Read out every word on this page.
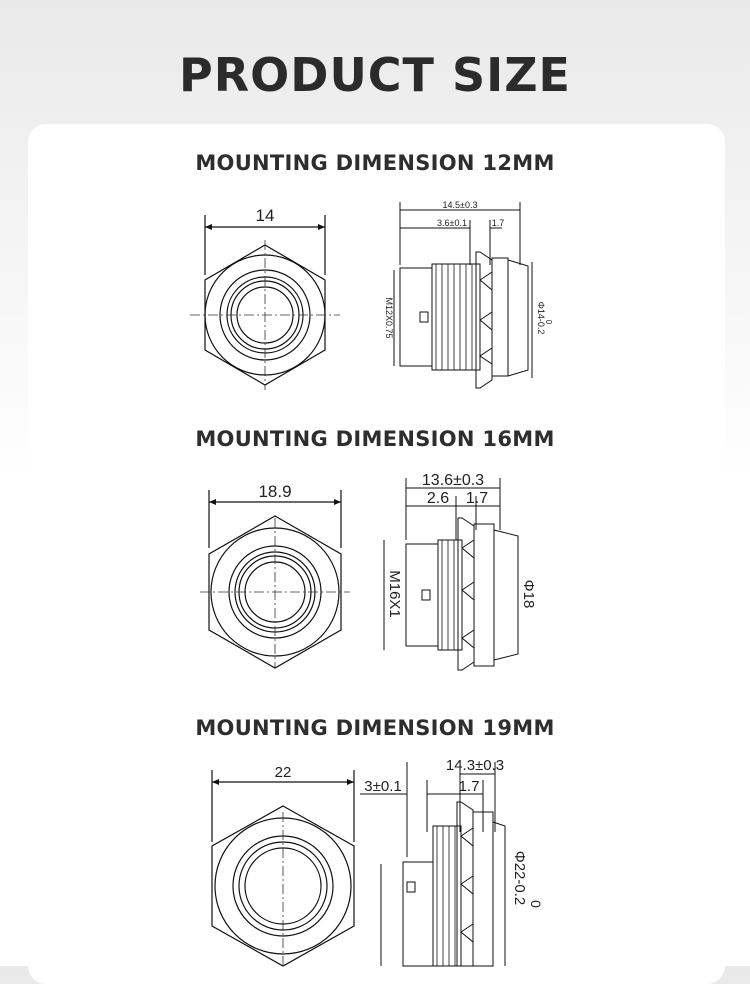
PRODUCT SIZE
MOUNTING DIMENSION 12MM
14
14.5±0.3
3.6±0.1	1.7
M12X0.75	Φ14-0.2
0
MOUNTING DIMENSION 16MM
18.9
13.6±0.3
2.6 1.7
M16X1	Φ18
MOUNTING DIMENSION 19MM
22	14.3±0.3
3±0.1	1.7
Φ22-0.2 0
